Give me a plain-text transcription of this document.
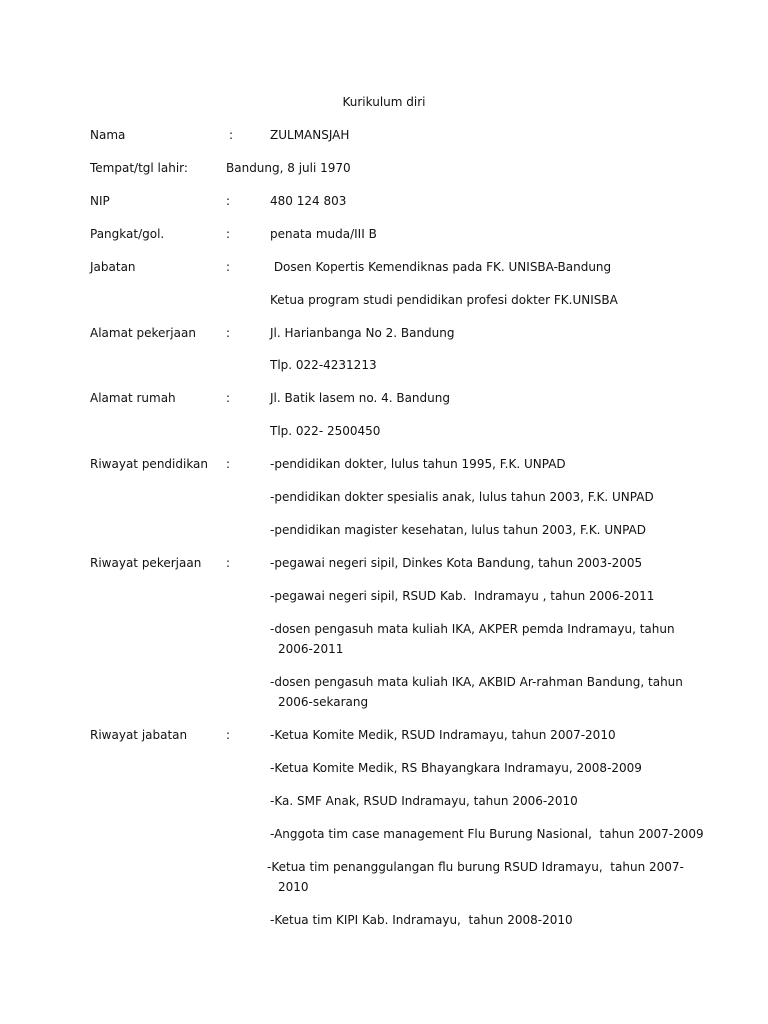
Kurikulum diri
Nama	:	ZULMANSJAH
Tempat/tgl lahir:	Bandung, 8 juli 1970
NIP	:	480 124 803
Pangkat/gol.	:	penata muda/III B
Jabatan	:	Dosen Kopertis Kemendiknas pada FK. UNISBA-Bandung
Ketua program studi pendidikan profesi dokter FK.UNISBA
Alamat pekerjaan	:	Jl. Harianbanga No 2. Bandung
Tlp. 022-4231213
Alamat rumah	:	Jl. Batik lasem no. 4. Bandung
Tlp. 022- 2500450
Riwayat pendidikan :	-pendidikan dokter, lulus tahun 1995, F.K. UNPAD
-pendidikan dokter spesialis anak, lulus tahun 2003, F.K. UNPAD
-pendidikan magister kesehatan, lulus tahun 2003, F.K. UNPAD
Riwayat pekerjaan :	-pegawai negeri sipil, Dinkes Kota Bandung, tahun 2003-2005
-pegawai negeri sipil, RSUD Kab.  Indramayu , tahun 2006-2011
-dosen pengasuh mata kuliah IKA, AKPER pemda Indramayu, tahun
2006-2011
-dosen pengasuh mata kuliah IKA, AKBID Ar-rahman Bandung, tahun
2006-sekarang
Riwayat jabatan	:	-Ketua Komite Medik, RSUD Indramayu, tahun 2007-2010
-Ketua Komite Medik, RS Bhayangkara Indramayu, 2008-2009
-Ka. SMF Anak, RSUD Indramayu, tahun 2006-2010
-Anggota tim case management Flu Burung Nasional,  tahun 2007-2009
-Ketua tim penanggulangan flu burung RSUD Idramayu,  tahun 2007-
2010
-Ketua tim KIPI Kab. Indramayu,  tahun 2008-2010
